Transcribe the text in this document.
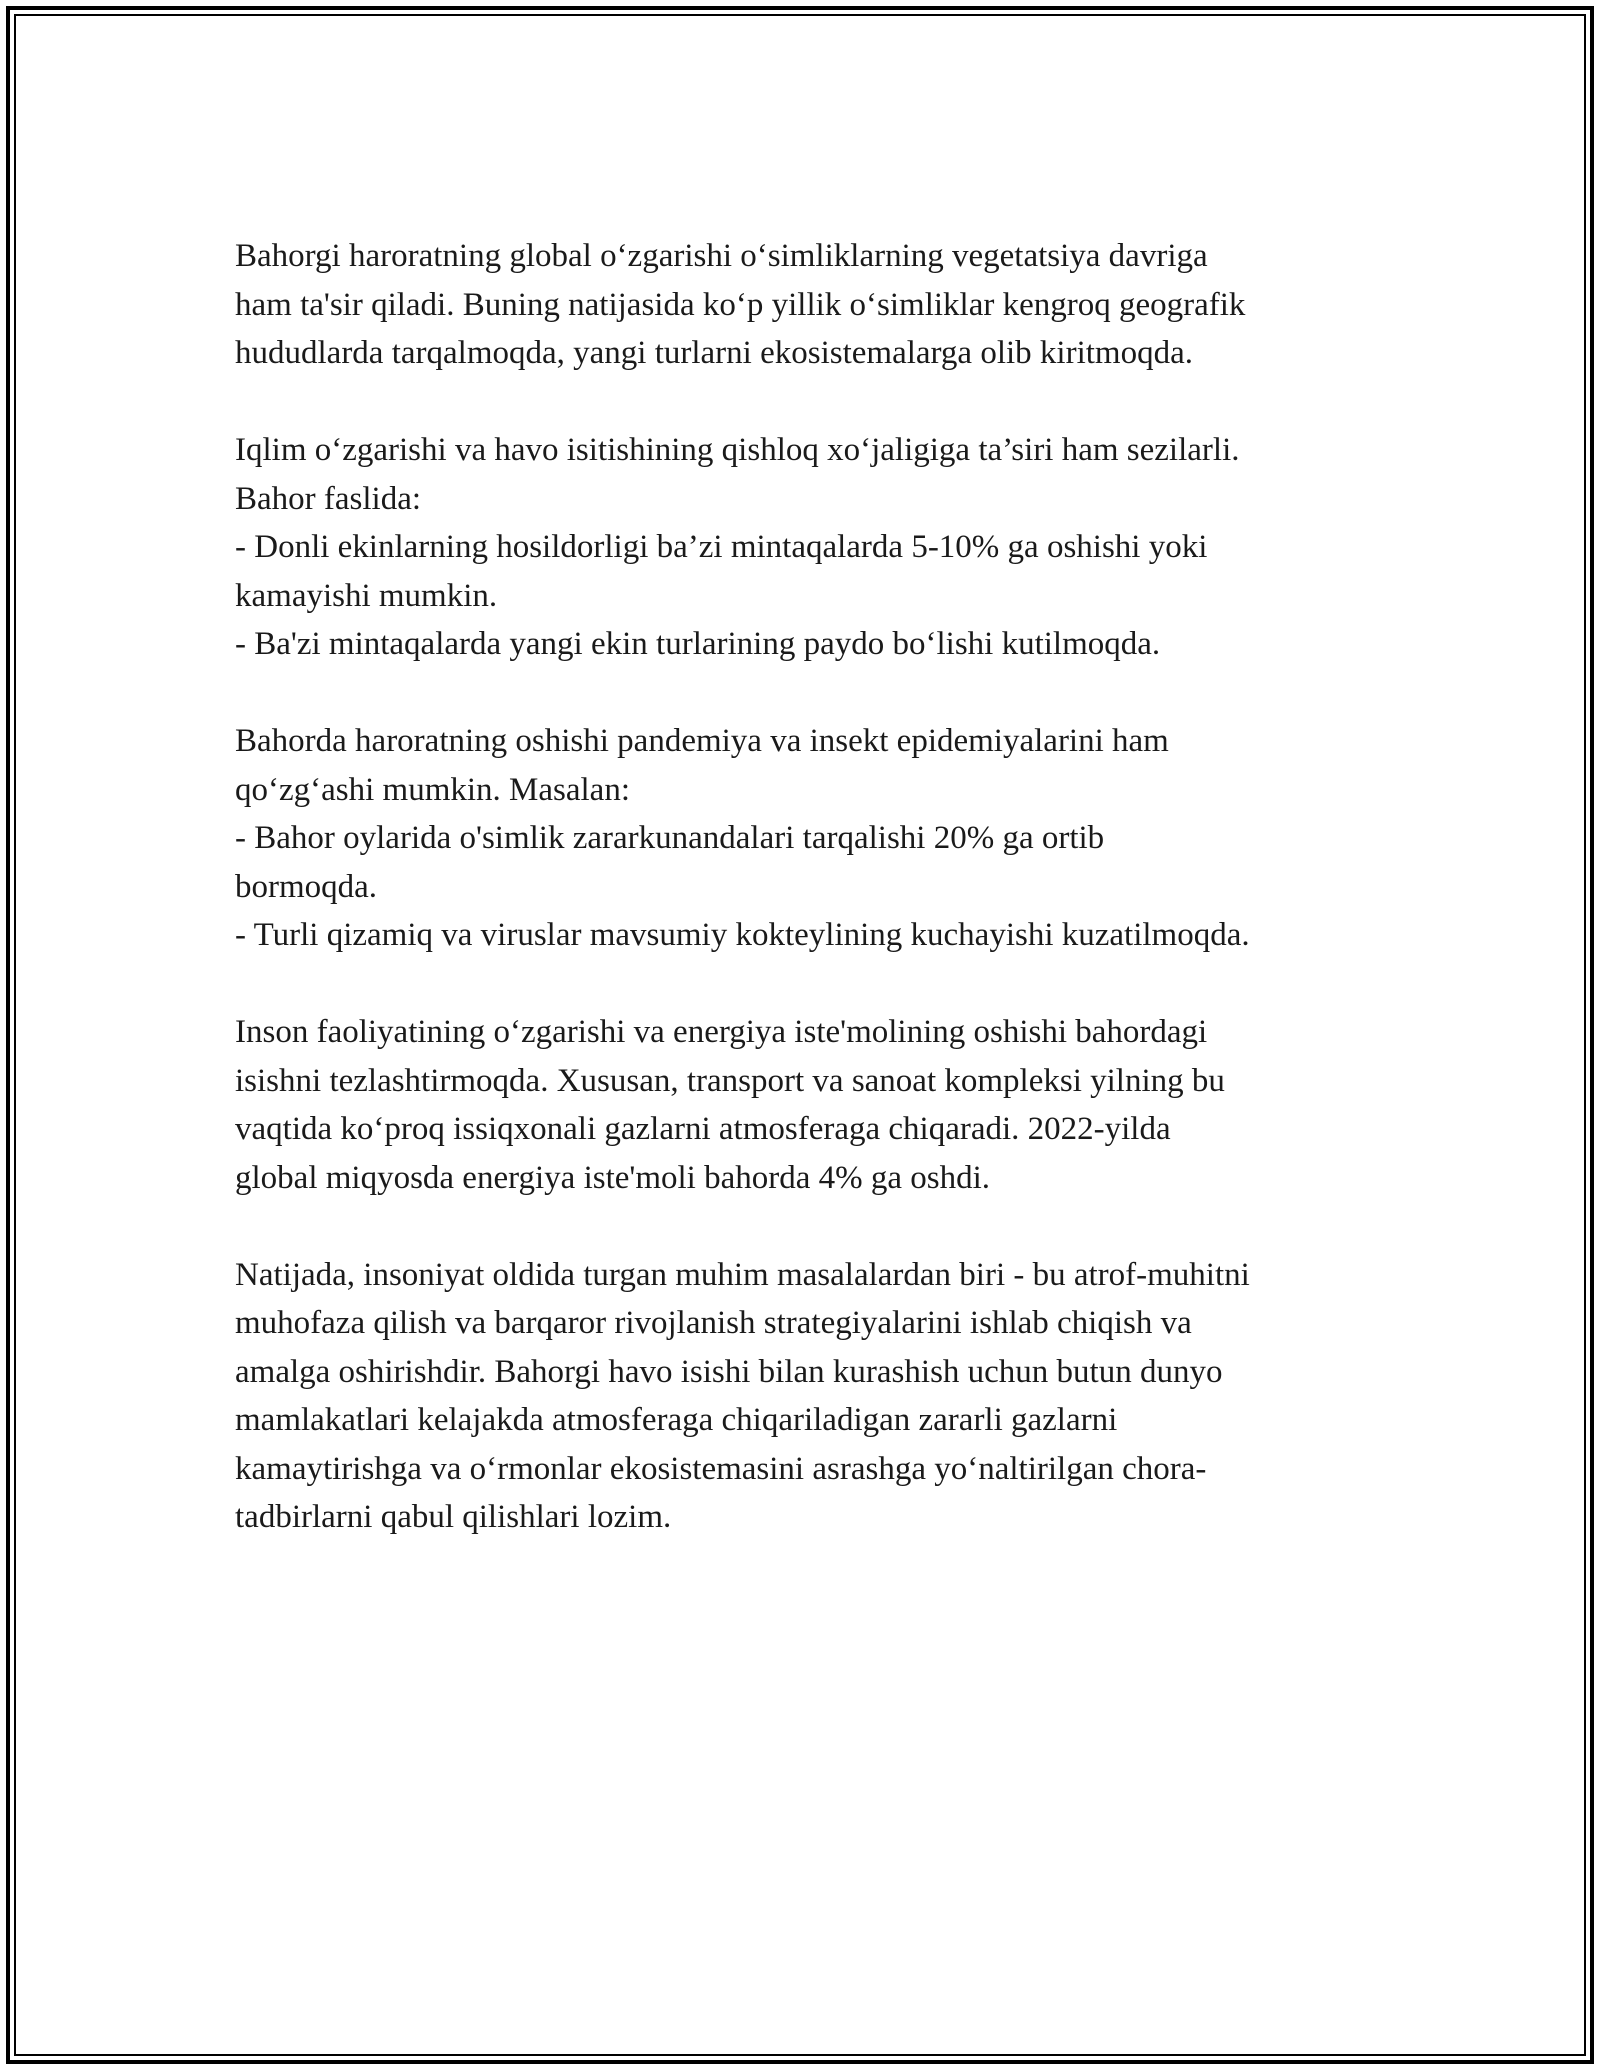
Bahorgi haroratning global o‘zgarishi o‘simliklarning vegetatsiya davriga
ham ta'sir qiladi. Buning natijasida ko‘p yillik o‘simliklar kengroq geografik
hududlarda tarqalmoqda, yangi turlarni ekosistemalarga olib kiritmoqda.
Iqlim o‘zgarishi va havo isitishining qishloq xo‘jaligiga ta’siri ham sezilarli.
Bahor faslida:
- Donli ekinlarning hosildorligi ba’zi mintaqalarda 5-10% ga oshishi yoki
kamayishi mumkin.
- Ba'zi mintaqalarda yangi ekin turlarining paydo bo‘lishi kutilmoqda.
Bahorda haroratning oshishi pandemiya va insekt epidemiyalarini ham
qo‘zg‘ashi mumkin. Masalan:
- Bahor oylarida o'simlik zararkunandalari tarqalishi 20% ga ortib
bormoqda.
- Turli qizamiq va viruslar mavsumiy kokteylining kuchayishi kuzatilmoqda.
Inson faoliyatining o‘zgarishi va energiya iste'molining oshishi bahordagi
isishni tezlashtirmoqda. Xususan, transport va sanoat kompleksi yilning bu
vaqtida ko‘proq issiqxonali gazlarni atmosferaga chiqaradi. 2022-yilda
global miqyosda energiya iste'moli bahorda 4% ga oshdi.
Natijada, insoniyat oldida turgan muhim masalalardan biri - bu atrof-muhitni
muhofaza qilish va barqaror rivojlanish strategiyalarini ishlab chiqish va
amalga oshirishdir. Bahorgi havo isishi bilan kurashish uchun butun dunyo
mamlakatlari kelajakda atmosferaga chiqariladigan zararli gazlarni
kamaytirishga va o‘rmonlar ekosistemasini asrashga yo‘naltirilgan chora-
tadbirlarni qabul qilishlari lozim.
